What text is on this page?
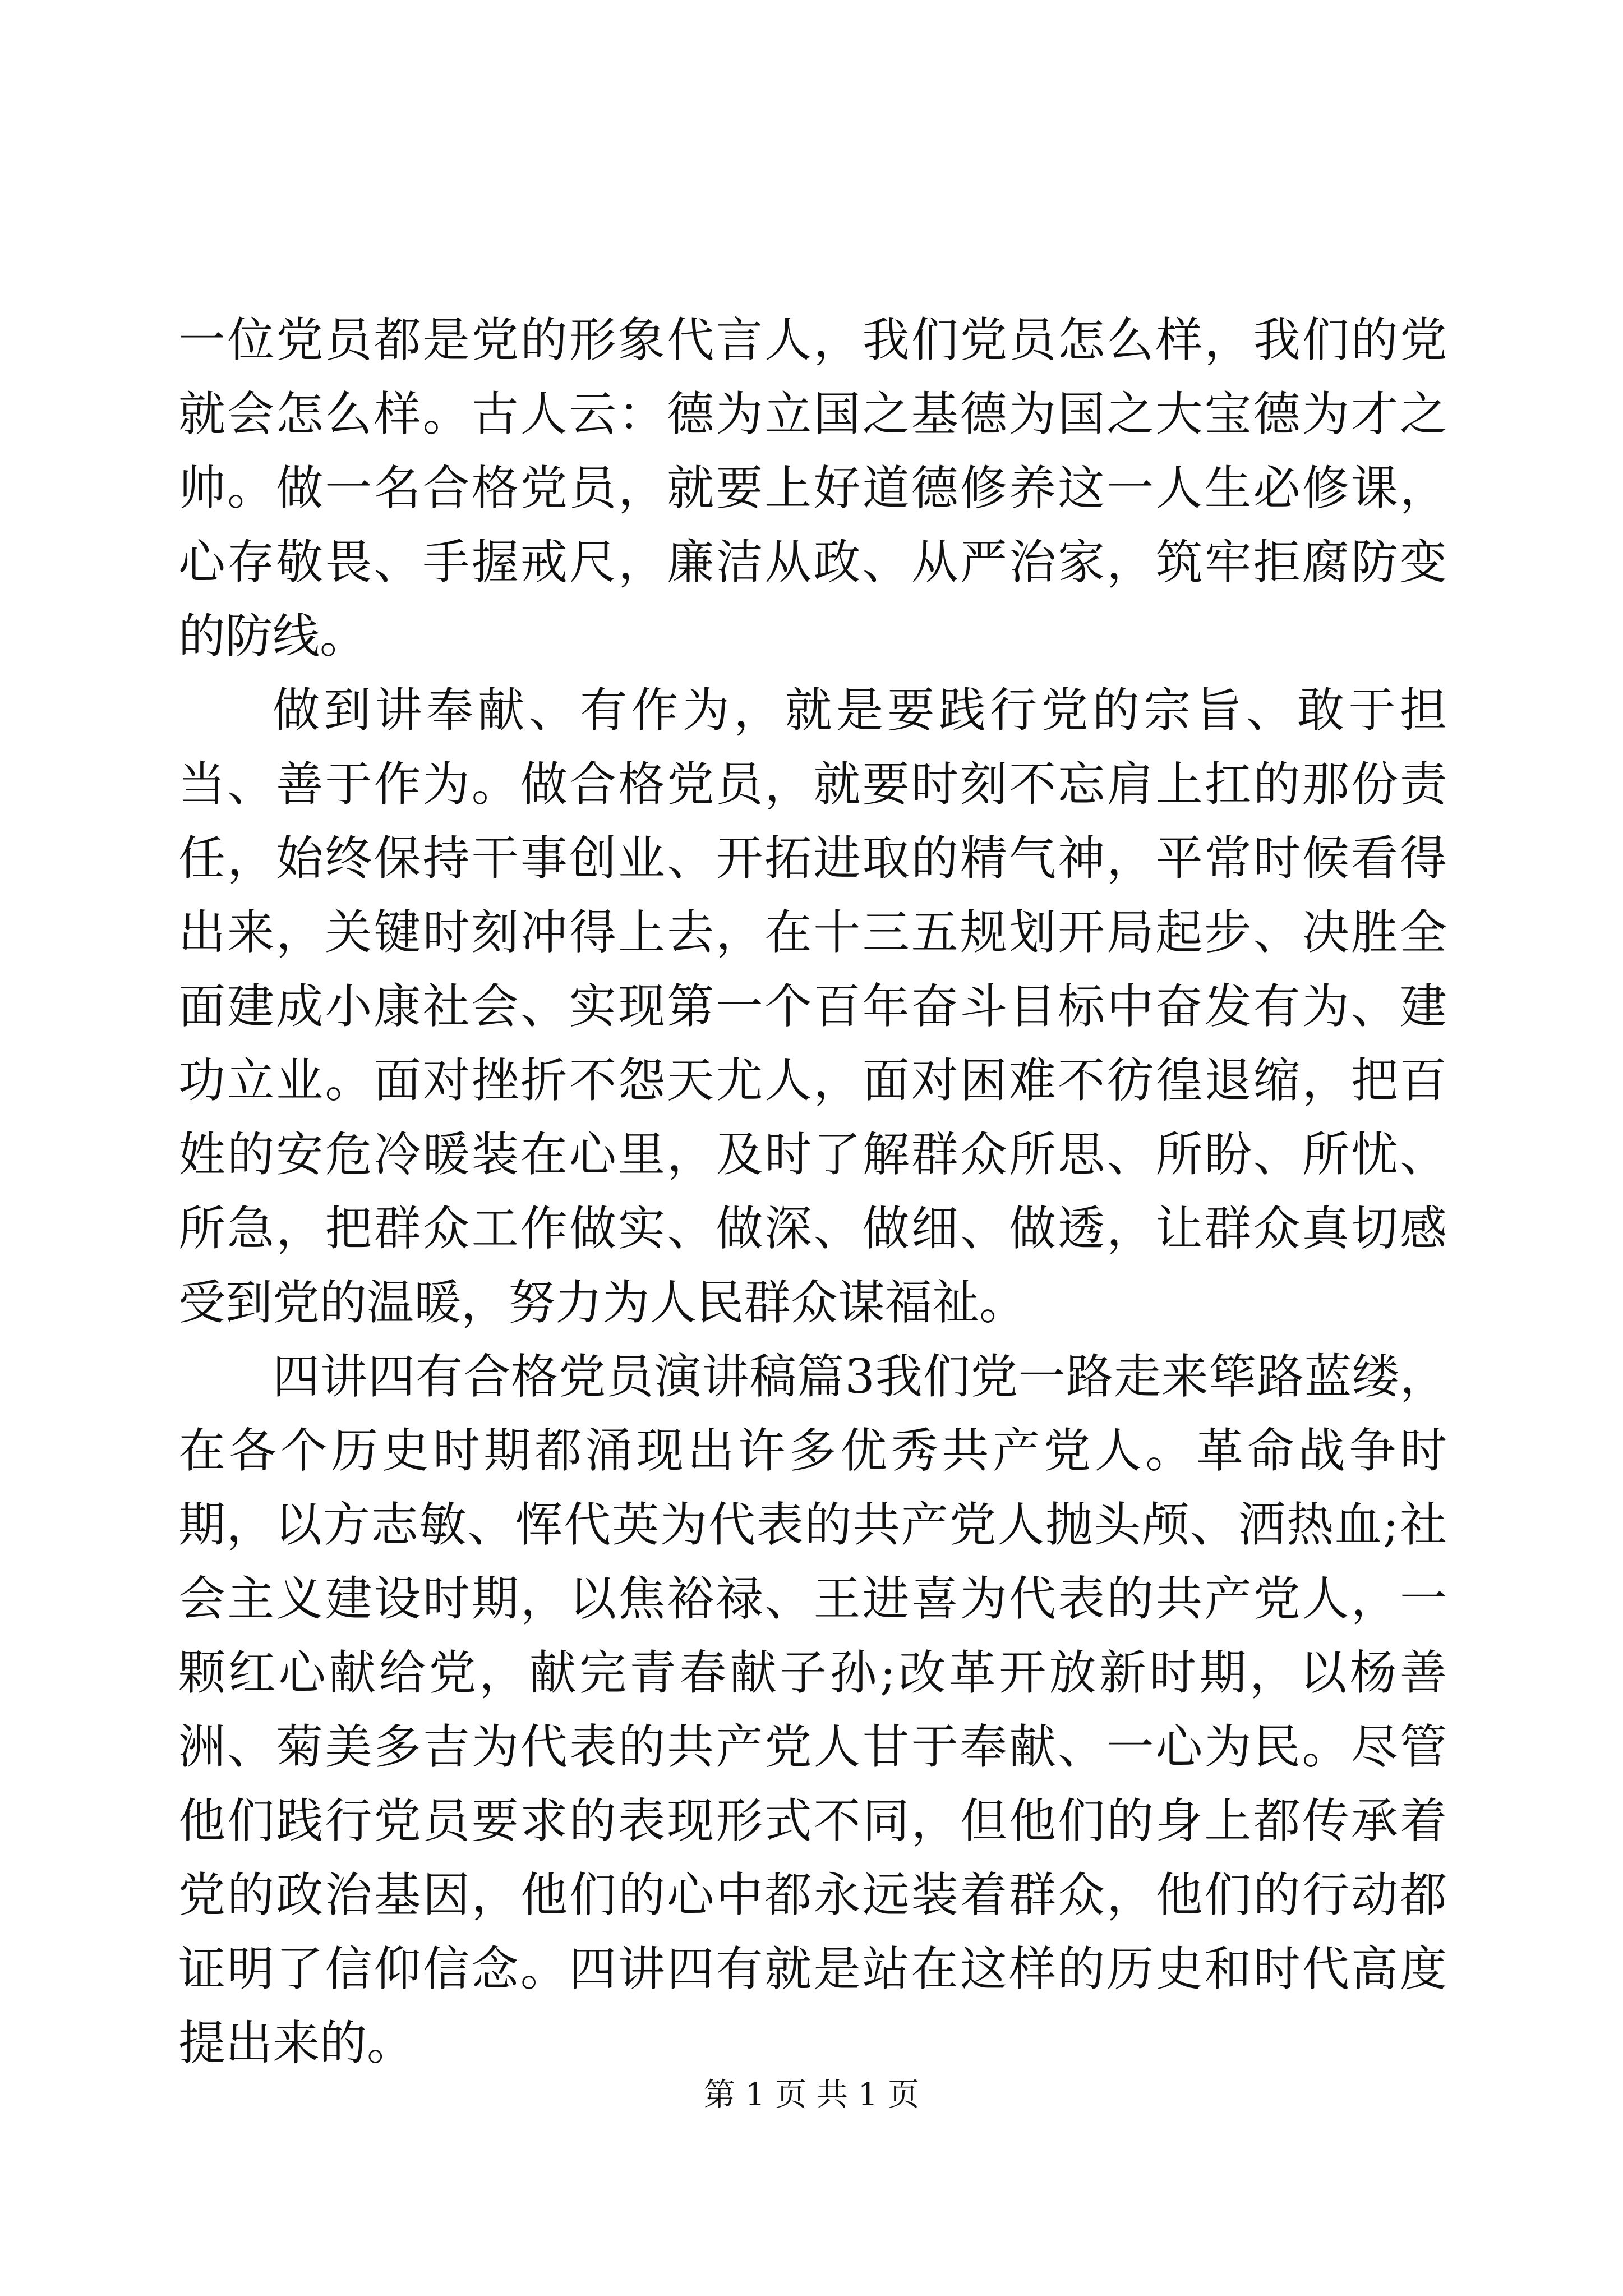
一位党员都是党的形象代言人，我们党员怎么样，我们的党就会怎么样。古人云：德为立国之基德为国之大宝德为才之帅。做一名合格党员，就要上好道德修养这一人生必修课，心存敬畏、手握戒尺，廉洁从政、从严治家，筑牢拒腐防变的防线。

做到讲奉献、有作为，就是要践行党的宗旨、敢于担当、善于作为。做合格党员，就要时刻不忘肩上扛的那份责任，始终保持干事创业、开拓进取的精气神，平常时候看得出来，关键时刻冲得上去，在十三五规划开局起步、决胜全面建成小康社会、实现第一个百年奋斗目标中奋发有为、建功立业。面对挫折不怨天尤人，面对困难不彷徨退缩，把百姓的安危冷暖装在心里，及时了解群众所思、所盼、所忧、所急，把群众工作做实、做深、做细、做透，让群众真切感受到党的温暖，努力为人民群众谋福祉。

四讲四有合格党员演讲稿篇3我们党一路走来筚路蓝缕，在各个历史时期都涌现出许多优秀共产党人。革命战争时期，以方志敏、恽代英为代表的共产党人抛头颅、洒热血;社会主义建设时期，以焦裕禄、王进喜为代表的共产党人，一颗红心献给党，献完青春献子孙;改革开放新时期，以杨善洲、菊美多吉为代表的共产党人甘于奉献、一心为民。尽管他们践行党员要求的表现形式不同，但他们的身上都传承着党的政治基因，他们的心中都永远装着群众，他们的行动都证明了信仰信念。四讲四有就是站在这样的历史和时代高度提出来的。

第 1 页 共 1 页
